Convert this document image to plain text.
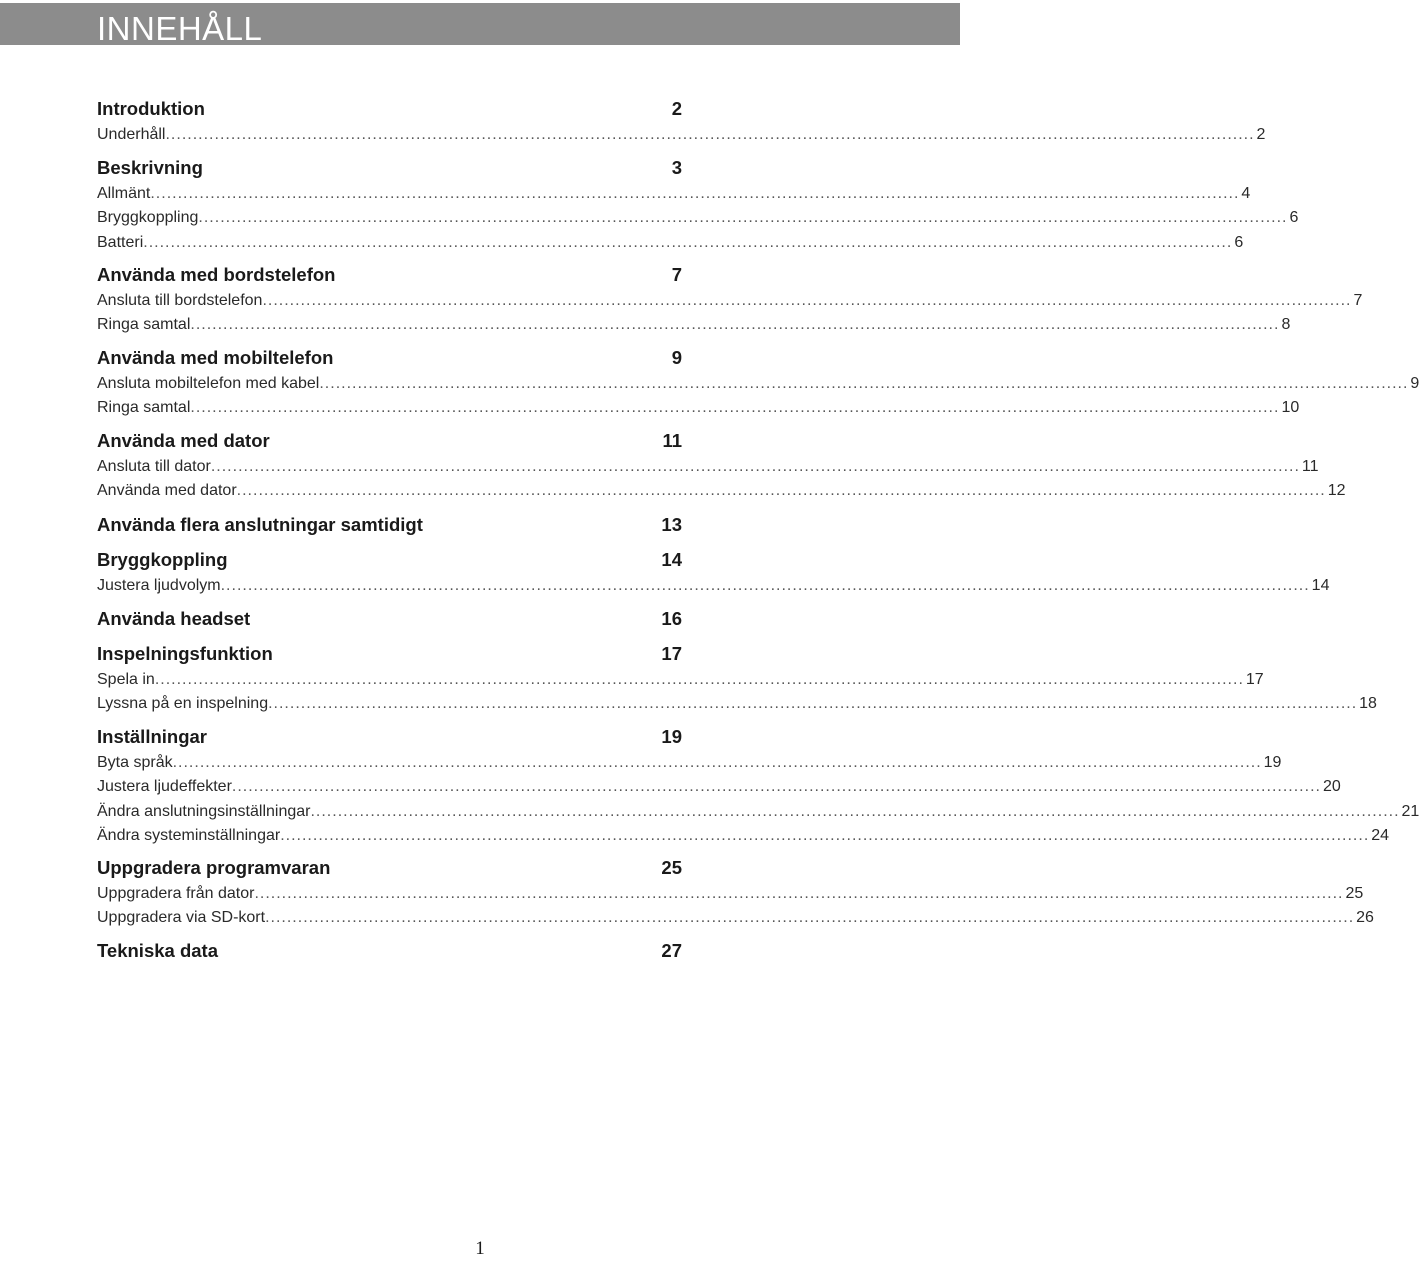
INNEHÅLL
Introduktion	2
Underhåll ........................................................................................................................................................................................................ 2
Beskrivning	3
Allmänt ........................................................................................................................................................................................................ 4
Bryggkoppling ........................................................................................................................................................................................................ 6
Batteri ........................................................................................................................................................................................................ 6
Använda med bordstelefon	7
Ansluta till bordstelefon ........................................................................................................................................................................................................ 7
Ringa samtal ........................................................................................................................................................................................................ 8
Använda med mobiltelefon	9
Ansluta mobiltelefon med kabel ........................................................................................................................................................................................................ 9
Ringa samtal ........................................................................................................................................................................................................ 10
Använda med dator	11
Ansluta till dator ........................................................................................................................................................................................................ 11
Använda med dator ........................................................................................................................................................................................................ 12
Använda flera anslutningar samtidigt	13
Bryggkoppling	14
Justera ljudvolym ........................................................................................................................................................................................................ 14
Använda headset	16
Inspelningsfunktion	17
Spela in ........................................................................................................................................................................................................ 17
Lyssna på en inspelning ........................................................................................................................................................................................................ 18
Inställningar	19
Byta språk ........................................................................................................................................................................................................ 19
Justera ljudeffekter ........................................................................................................................................................................................................ 20
Ändra anslutningsinställningar ........................................................................................................................................................................................................ 21
Ändra systeminställningar ........................................................................................................................................................................................................ 24
Uppgradera programvaran	25
Uppgradera från dator ........................................................................................................................................................................................................ 25
Uppgradera via SD-kort ........................................................................................................................................................................................................ 26
Tekniska data	27
1
